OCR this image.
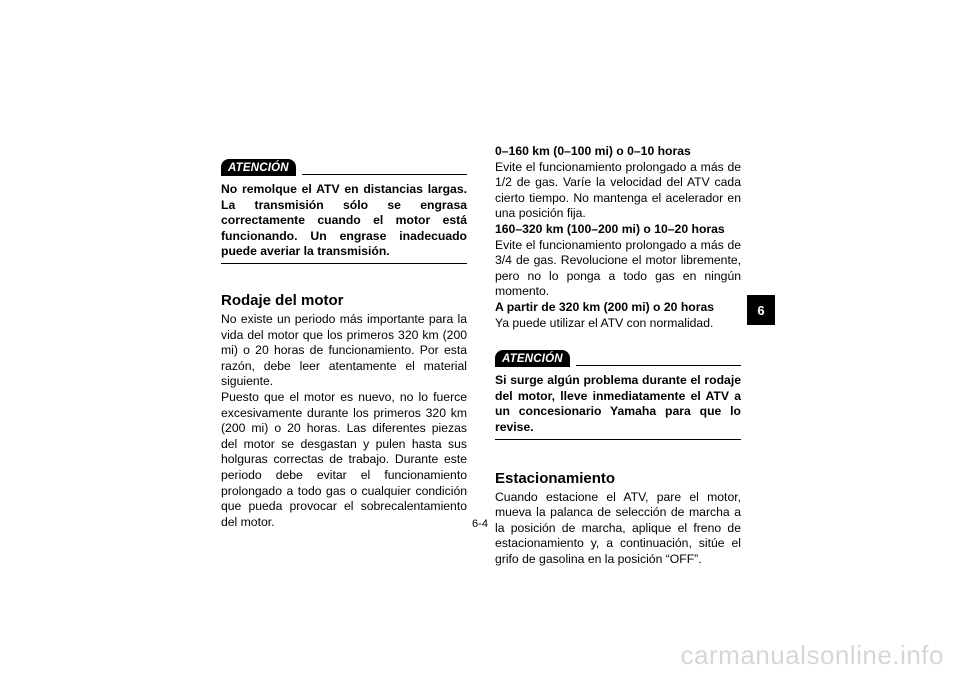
ATENCIÓN
No remolque el ATV en distancias largas. La transmisión sólo se engrasa correctamente cuando el motor está funcionando. Un engrase inadecuado puede averiar la transmisión.
Rodaje del motor

No existe un periodo más importante para la vida del motor que los primeros 320 km (200 mi) o 20 horas de funcionamiento. Por esta razón, debe leer atentamente el material siguiente.

Puesto que el motor es nuevo, no lo fuerce excesivamente durante los primeros 320 km (200 mi) o 20 horas. Las diferentes piezas del motor se desgastan y pulen hasta sus holguras correctas de trabajo. Durante este periodo debe evitar el funcionamiento prolongado a todo gas o cualquier condición que pueda provocar el sobrecalentamiento del motor.

0–160 km (0–100 mi) o 0–10 horas

Evite el funcionamiento prolongado a más de 1/2 de gas. Varíe la velocidad del ATV cada cierto tiempo. No mantenga el acelerador en una posición fija.

160–320 km (100–200 mi) o 10–20 horas

Evite el funcionamiento prolongado a más de 3/4 de gas. Revolucione el motor libremente, pero no lo ponga a todo gas en ningún momento.

A partir de 320 km (200 mi) o 20 horas

Ya puede utilizar el ATV con normalidad.

ATENCIÓN
Si surge algún problema durante el rodaje del motor, lleve inmediatamente el ATV a un concesionario Yamaha para que lo revise.
Estacionamiento

Cuando estacione el ATV, pare el motor, mueva la palanca de selección de marcha a la posición de marcha, aplique el freno de estacionamiento y, a continuación, sitúe el grifo de gasolina en la posición “OFF”.

6
6-4
carmanualsonline.info
